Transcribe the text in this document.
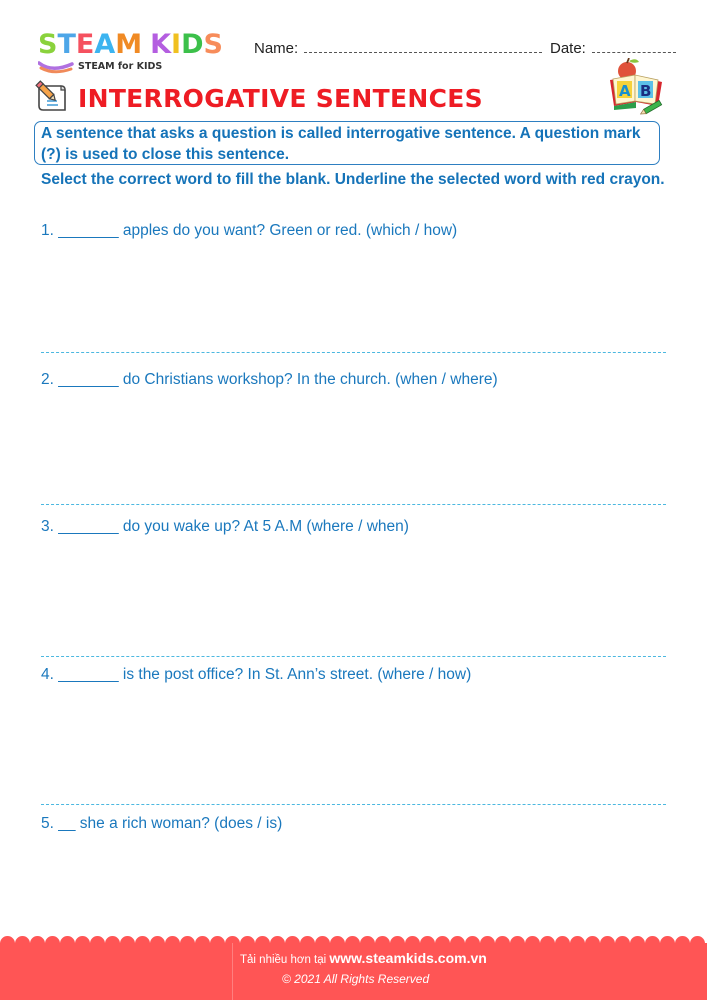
STEAM KIDS
STEAM for KIDS
Name:	Date:
INTERROGATIVE SENTENCES	A B
A sentence that asks a question is called interrogative sentence. A question mark (?) is used to close this sentence.
Select the correct word to fill the blank. Underline the selected word with red crayon.
1. _______ apples do you want? Green or red. (which / how)
2. _______ do Christians workshop? In the church. (when / where)
3. _______ do you wake up? At 5 A.M (where / when)
4. _______ is the post office? In St. Ann’s street. (where / how)
5. __ she a rich woman? (does / is)
Tải nhiều hơn tại www.steamkids.com.vn
© 2021 All Rights Reserved
